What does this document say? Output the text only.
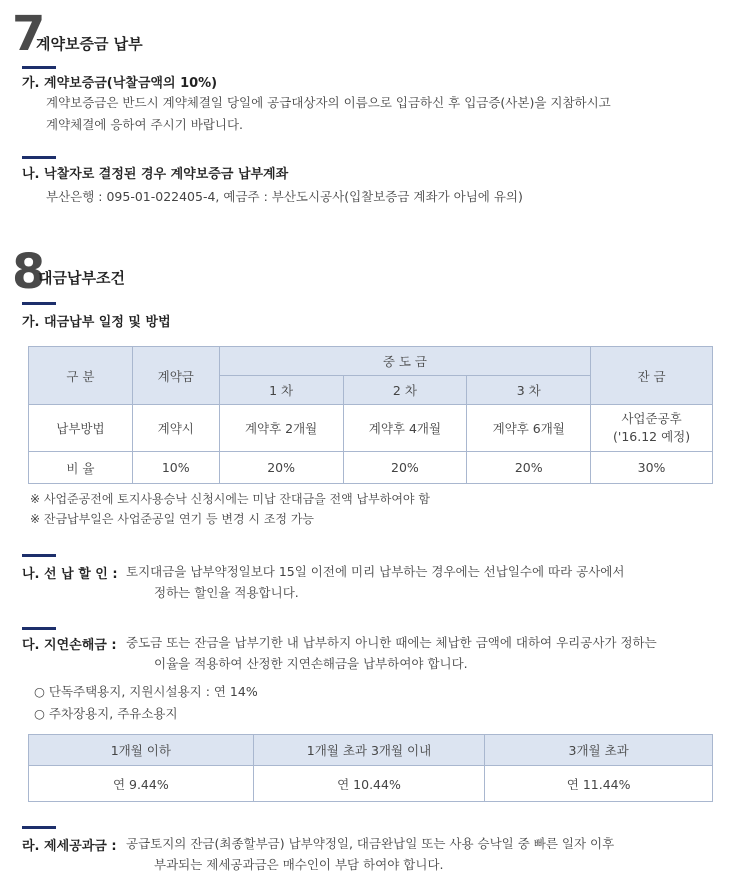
7
계약보증금 납부
가. 계약보증금(낙찰금액의 10%)
계약보증금은 반드시 계약체결일 당일에 공급대상자의 이름으로 입금하신 후 입금증(사본)을 지참하시고
계약체결에 응하여 주시기 바랍니다.
나. 낙찰자로 결정된 경우 계약보증금 납부계좌
부산은행 : 095-01-022405-4, 예금주 : 부산도시공사(입찰보증금 계좌가 아님에 유의)
8
대금납부조건
가. 대금납부 일정 및 방법
구 분	계약금	중 도 금			잔 금
		1 차	2 차	3 차	
납부방법	계약시	계약후 2개월	계약후 4개월	계약후 6개월	사업준공후
('16.12 예정)

비 율	10%	20%	20%	20%	30%
※ 사업준공전에 토지사용승낙 신청시에는 미납 잔대금을 전액 납부하여야 함
※ 잔금납부일은 사업준공일 연기 등 변경 시 조정 가능
나. 선 납 할 인 : 토지대금을 납부약정일보다 15일 이전에 미리 납부하는 경우에는 선납일수에 따라 공사에서
정하는 할인율 적용합니다.
다. 지연손해금 : 중도금 또는 잔금을 납부기한 내 납부하지 아니한 때에는 체납한 금액에 대하여 우리공사가 정하는
이율을 적용하여 산정한 지연손해금을 납부하여야 합니다.
○ 단독주택용지, 지원시설용지 : 연 14%
○ 주차장용지, 주유소용지
1개월 이하	1개월 초과 3개월 이내	3개월 초과
연 9.44%	연 10.44%	연 11.44%
라. 제세공과금 : 공급토지의 잔금(최종할부금) 납부약정일, 대금완납일 또는 사용 승낙일 중 빠른 일자 이후
부과되는 제세공과금은 매수인이 부담 하여야 합니다.
